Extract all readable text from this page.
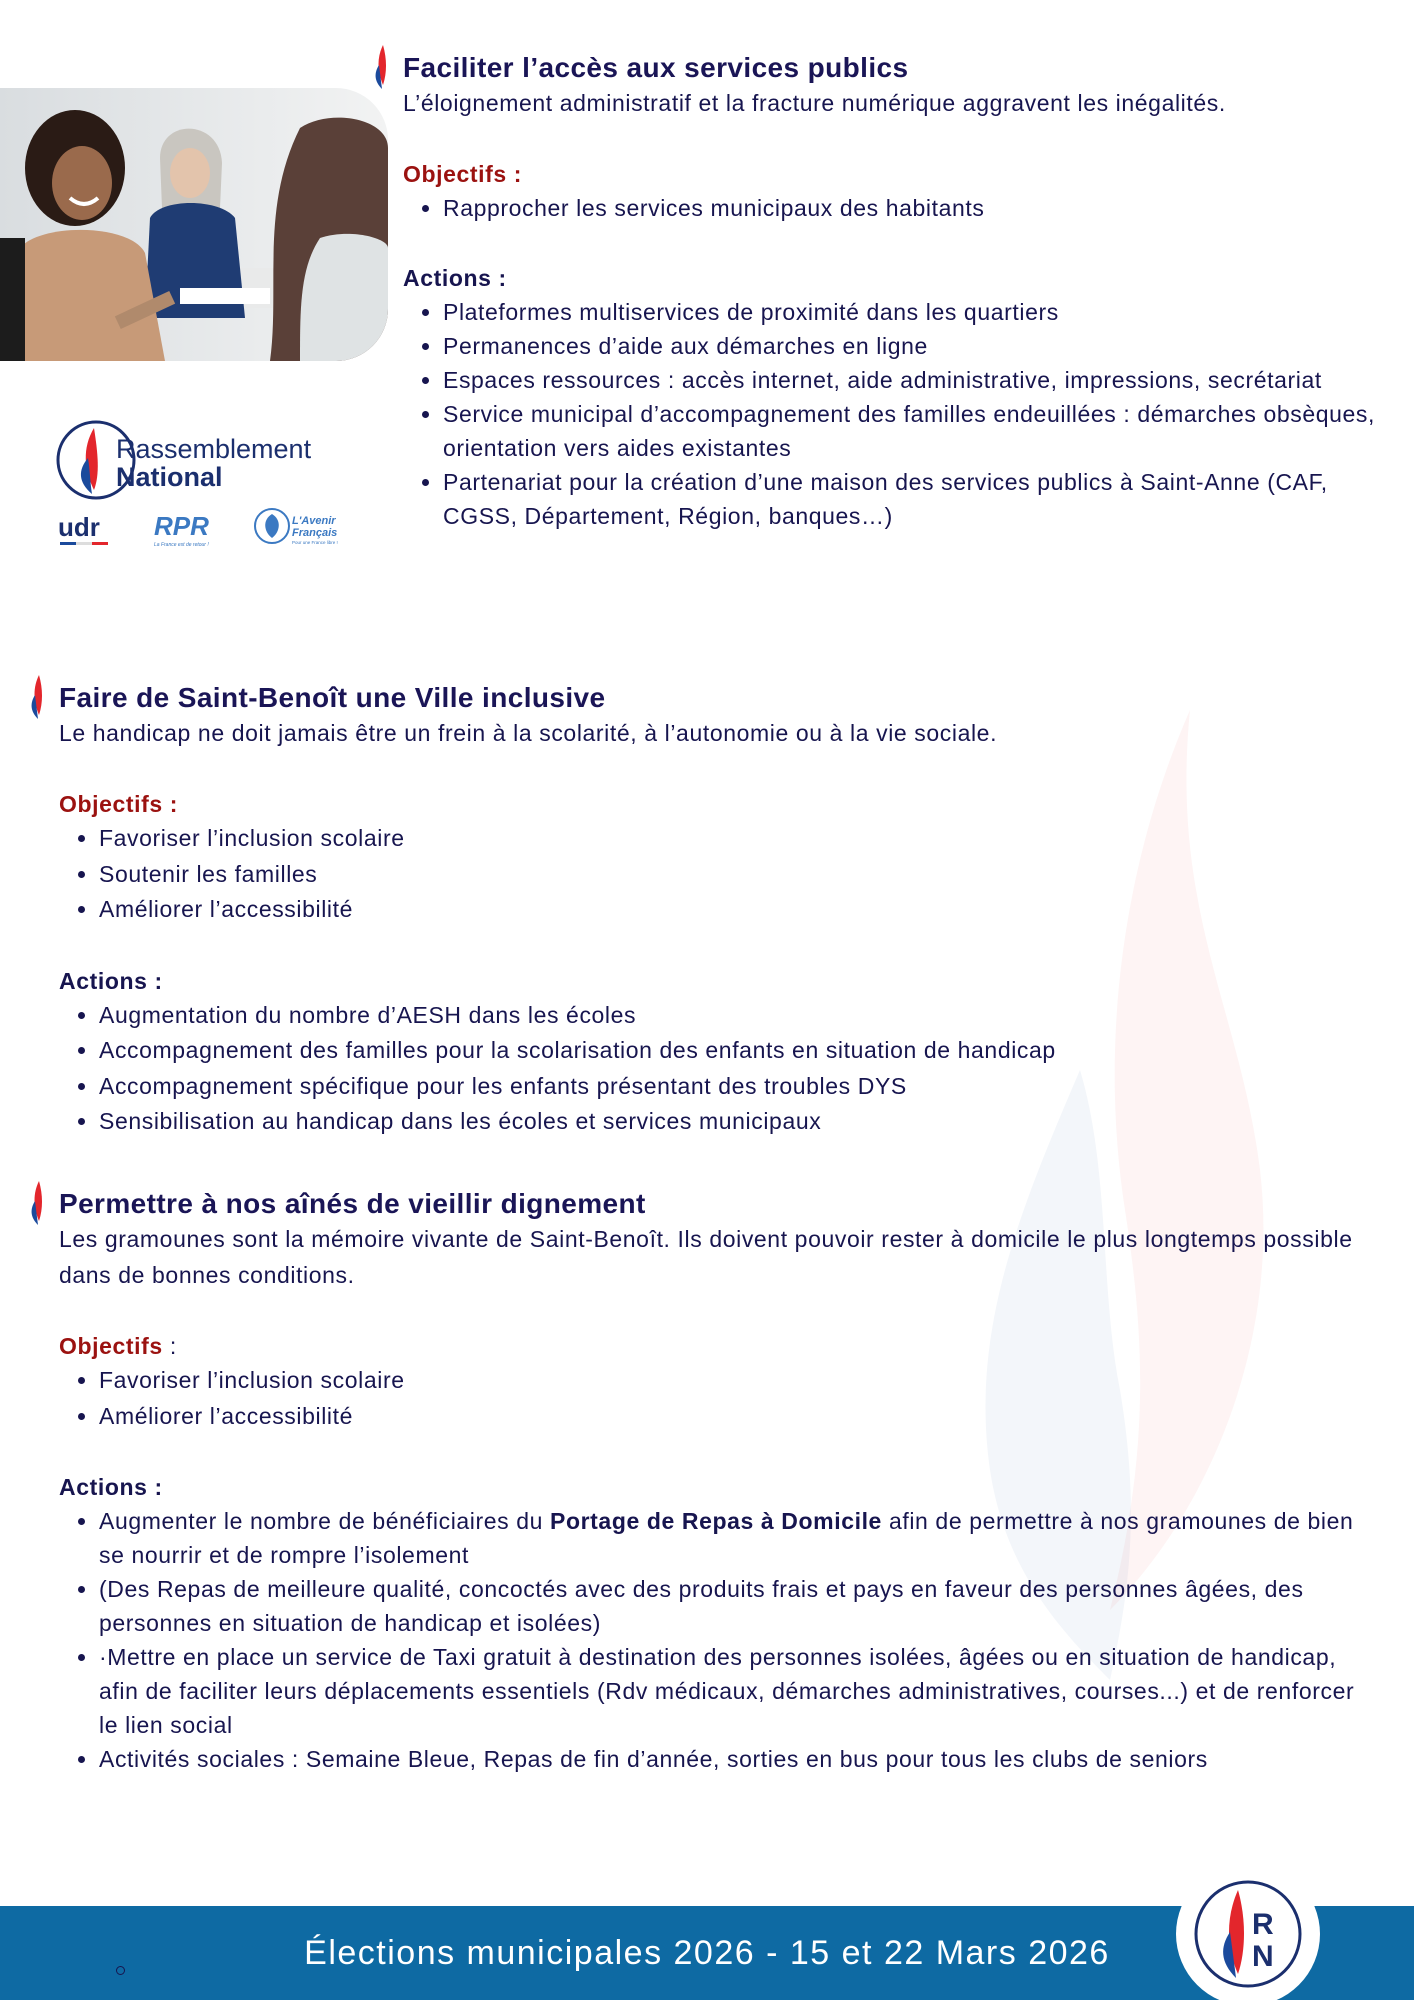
Rassemblement
National
udr RPR
La France est de retour !
L'Avenir
Français
Pour une France libre !
Faciliter l’accès aux services publics

L’éloignement administratif et la fracture numérique aggravent les inégalités.

Objectifs :

• Rapprocher les services municipaux des habitants

Actions :

• Plateformes multiservices de proximité dans les quartiers
• Permanences d’aide aux démarches en ligne
• Espaces ressources : accès internet, aide administrative, impressions, secrétariat
• Service municipal d’accompagnement des familles endeuillées : démarches obsèques, orientation vers aides existantes
• Partenariat pour la création d’une maison des services publics à Saint-Anne (CAF, CGSS, Département, Région, banques…)
Faire de Saint-Benoît une Ville inclusive

Le handicap ne doit jamais être un frein à la scolarité, à l’autonomie ou à la vie sociale.

Objectifs :

• Favoriser l’inclusion scolaire
• Soutenir les familles
• Améliorer l’accessibilité

Actions :

• Augmentation du nombre d’AESH dans les écoles
• Accompagnement des familles pour la scolarisation des enfants en situation de handicap
• Accompagnement spécifique pour les enfants présentant des troubles DYS
• Sensibilisation au handicap dans les écoles et services municipaux
Permettre à nos aînés de vieillir dignement

Les gramounes sont la mémoire vivante de Saint-Benoît. Ils doivent pouvoir rester à domicile le plus longtemps possible dans de bonnes conditions.

Objectifs :

• Favoriser l’inclusion scolaire
• Améliorer l’accessibilité

Actions :

• Augmenter le nombre de bénéficiaires du Portage de Repas à Domicile afin de permettre à nos gramounes de bien se nourrir et de rompre l’isolement
• (Des Repas de meilleure qualité, concoctés avec des produits frais et pays en faveur des personnes âgées, des personnes en situation de handicap et isolées)
• ·Mettre en place un service de Taxi gratuit à destination des personnes isolées, âgées ou en situation de handicap, afin de faciliter leurs déplacements essentiels (Rdv médicaux, démarches administratives, courses...) et de renforcer le lien social
• Activités sociales : Semaine Bleue, Repas de fin d’année, sorties en bus pour tous les clubs de seniors
Élections municipales 2026 - 15 et 22 Mars 2026
R
N
